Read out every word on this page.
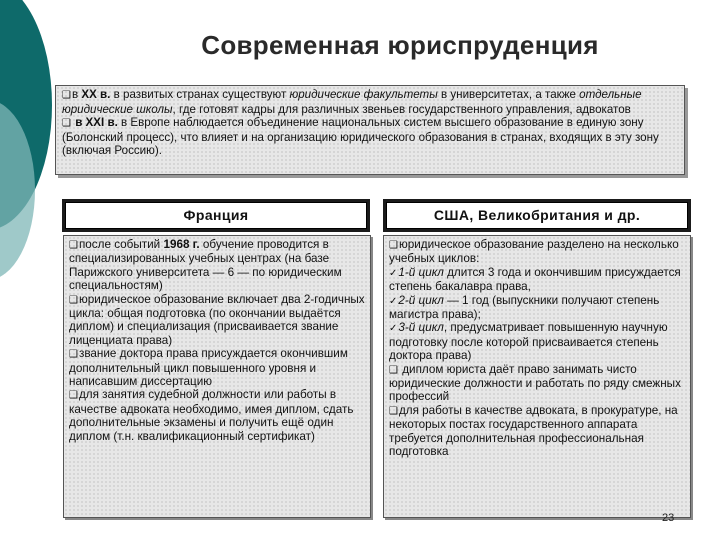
Современная юриспруденция

❑в XX в. в развитых странах существуют юридические факультеты в университетах, а также отдельные юридические школы, где готовят кадры для различных звеньев государственного управления, адвокатов

❑ в XXI в. в Европе наблюдается объединение национальных систем высшего образование в единую зону (Болонский процесс), что влияет и на организацию юридического образования в странах, входящих в эту зону (включая Россию).

Франция	США, Великобритания и др.

❑после событий 1968 г. обучение проводится в специализированных учебных центрах (на базе Парижского университета — 6 — по юридическим специальностям)

❑юридическое образование включает два 2-годичных цикла: общая подготовка (по окончании выдаётся диплом) и специализация (присваивается звание лиценциата права)

❑звание доктора права присуждается окончившим дополнительный цикл повышенного уровня и написавшим диссертацию

❑для занятия судебной должности или работы в качестве адвоката необходимо, имея диплом, сдать дополнительные экзамены и получить ещё один диплом (т.н. квалификационный сертификат)

❑юридическое образование разделено на несколько учебных циклов:

✓1-й цикл длится 3 года и окончившим присуждается степень бакалавра права,

✓2-й цикл — 1 год (выпускники получают степень магистра права);

✓3-й цикл, предусматривает повышенную научную подготовку после которой присваивается степень доктора права)

❑ диплом юриста даёт право занимать чисто юридические должности и работать по ряду смежных профессий

❑для работы в качестве адвоката, в прокуратуре, на некоторых постах государственного аппарата требуется дополнительная профессиональная подготовка

23
